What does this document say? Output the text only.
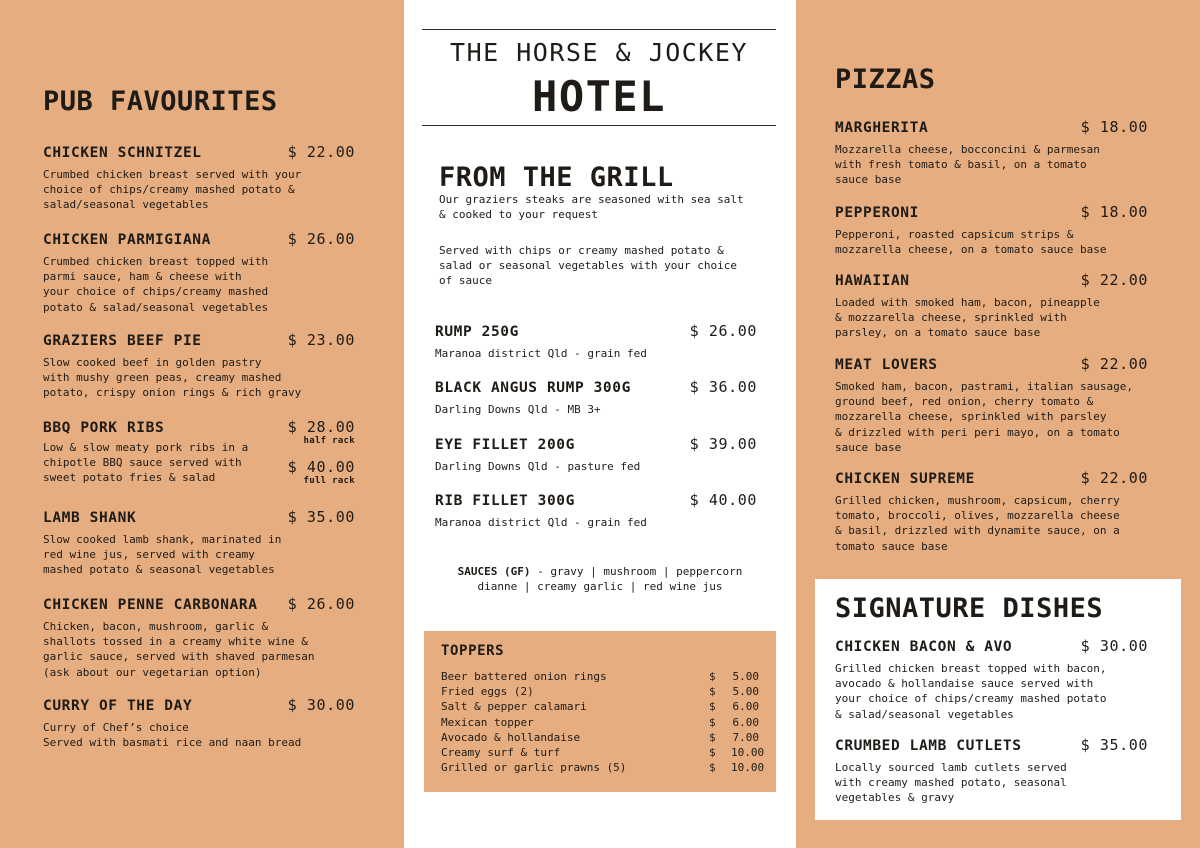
PUB FAVOURITES
CHICKEN SCHNITZEL	$ 22.00
Crumbed chicken breast served with your
choice of chips/creamy mashed potato &
salad/seasonal vegetables
CHICKEN PARMIGIANA	$ 26.00
Crumbed chicken breast topped with
parmi sauce, ham & cheese with
your choice of chips/creamy mashed
potato & salad/seasonal vegetables
GRAZIERS BEEF PIE	$ 23.00
Slow cooked beef in golden pastry
with mushy green peas, creamy mashed
potato, crispy onion rings & rich gravy
BBQ PORK RIBS	$ 28.00
half rack
$ 40.00
full rack
Low & slow meaty pork ribs in a
chipotle BBQ sauce served with
sweet potato fries & salad
LAMB SHANK	$ 35.00
Slow cooked lamb shank, marinated in
red wine jus, served with creamy
mashed potato & seasonal vegetables
CHICKEN PENNE CARBONARA $ 26.00
Chicken, bacon, mushroom, garlic &
shallots tossed in a creamy white wine &
garlic sauce, served with shaved parmesan
(ask about our vegetarian option)
CURRY OF THE DAY	$ 30.00
Curry of Chef’s choice
Served with basmati rice and naan bread
THE HORSE & JOCKEY
HOTEL
FROM THE GRILL
Our graziers steaks are seasoned with sea salt
& cooked to your request
Served with chips or creamy mashed potato &
salad or seasonal vegetables with your choice
of sauce
RUMP 250G	$ 26.00
Maranoa district Qld - grain fed
BLACK ANGUS RUMP 300G	$ 36.00
Darling Downs Qld - MB 3+
EYE FILLET 200G	$ 39.00
Darling Downs Qld - pasture fed
RIB FILLET 300G	$ 40.00
Maranoa district Qld - grain fed
SAUCES (GF) - gravy | mushroom | peppercorn
dianne | creamy garlic | red wine jus
TOPPERS
Beer battered onion rings	$	5.00
Fried eggs (2)	$	5.00
Salt & pepper calamari	$	6.00
Mexican topper	$	6.00
Avocado & hollandaise	$	7.00
Creamy surf & turf	$	10.00
Grilled or garlic prawns (5)	$	10.00
PIZZAS
MARGHERITA	$ 18.00
Mozzarella cheese, bocconcini & parmesan
with fresh tomato & basil, on a tomato
sauce base
PEPPERONI	$ 18.00
Pepperoni, roasted capsicum strips &
mozzarella cheese, on a tomato sauce base
HAWAIIAN	$ 22.00
Loaded with smoked ham, bacon, pineapple
& mozzarella cheese, sprinkled with
parsley, on a tomato sauce base
MEAT LOVERS	$ 22.00
Smoked ham, bacon, pastrami, italian sausage,
ground beef, red onion, cherry tomato &
mozzarella cheese, sprinkled with parsley
& drizzled with peri peri mayo, on a tomato
sauce base
CHICKEN SUPREME	$ 22.00
Grilled chicken, mushroom, capsicum, cherry
tomato, broccoli, olives, mozzarella cheese
& basil, drizzled with dynamite sauce, on a
tomato sauce base
SIGNATURE DISHES
CHICKEN BACON & AVO	$ 30.00
Grilled chicken breast topped with bacon,
avocado & hollandaise sauce served with
your choice of chips/creamy mashed potato
& salad/seasonal vegetables
CRUMBED LAMB CUTLETS	$ 35.00
Locally sourced lamb cutlets served
with creamy mashed potato, seasonal
vegetables & gravy
